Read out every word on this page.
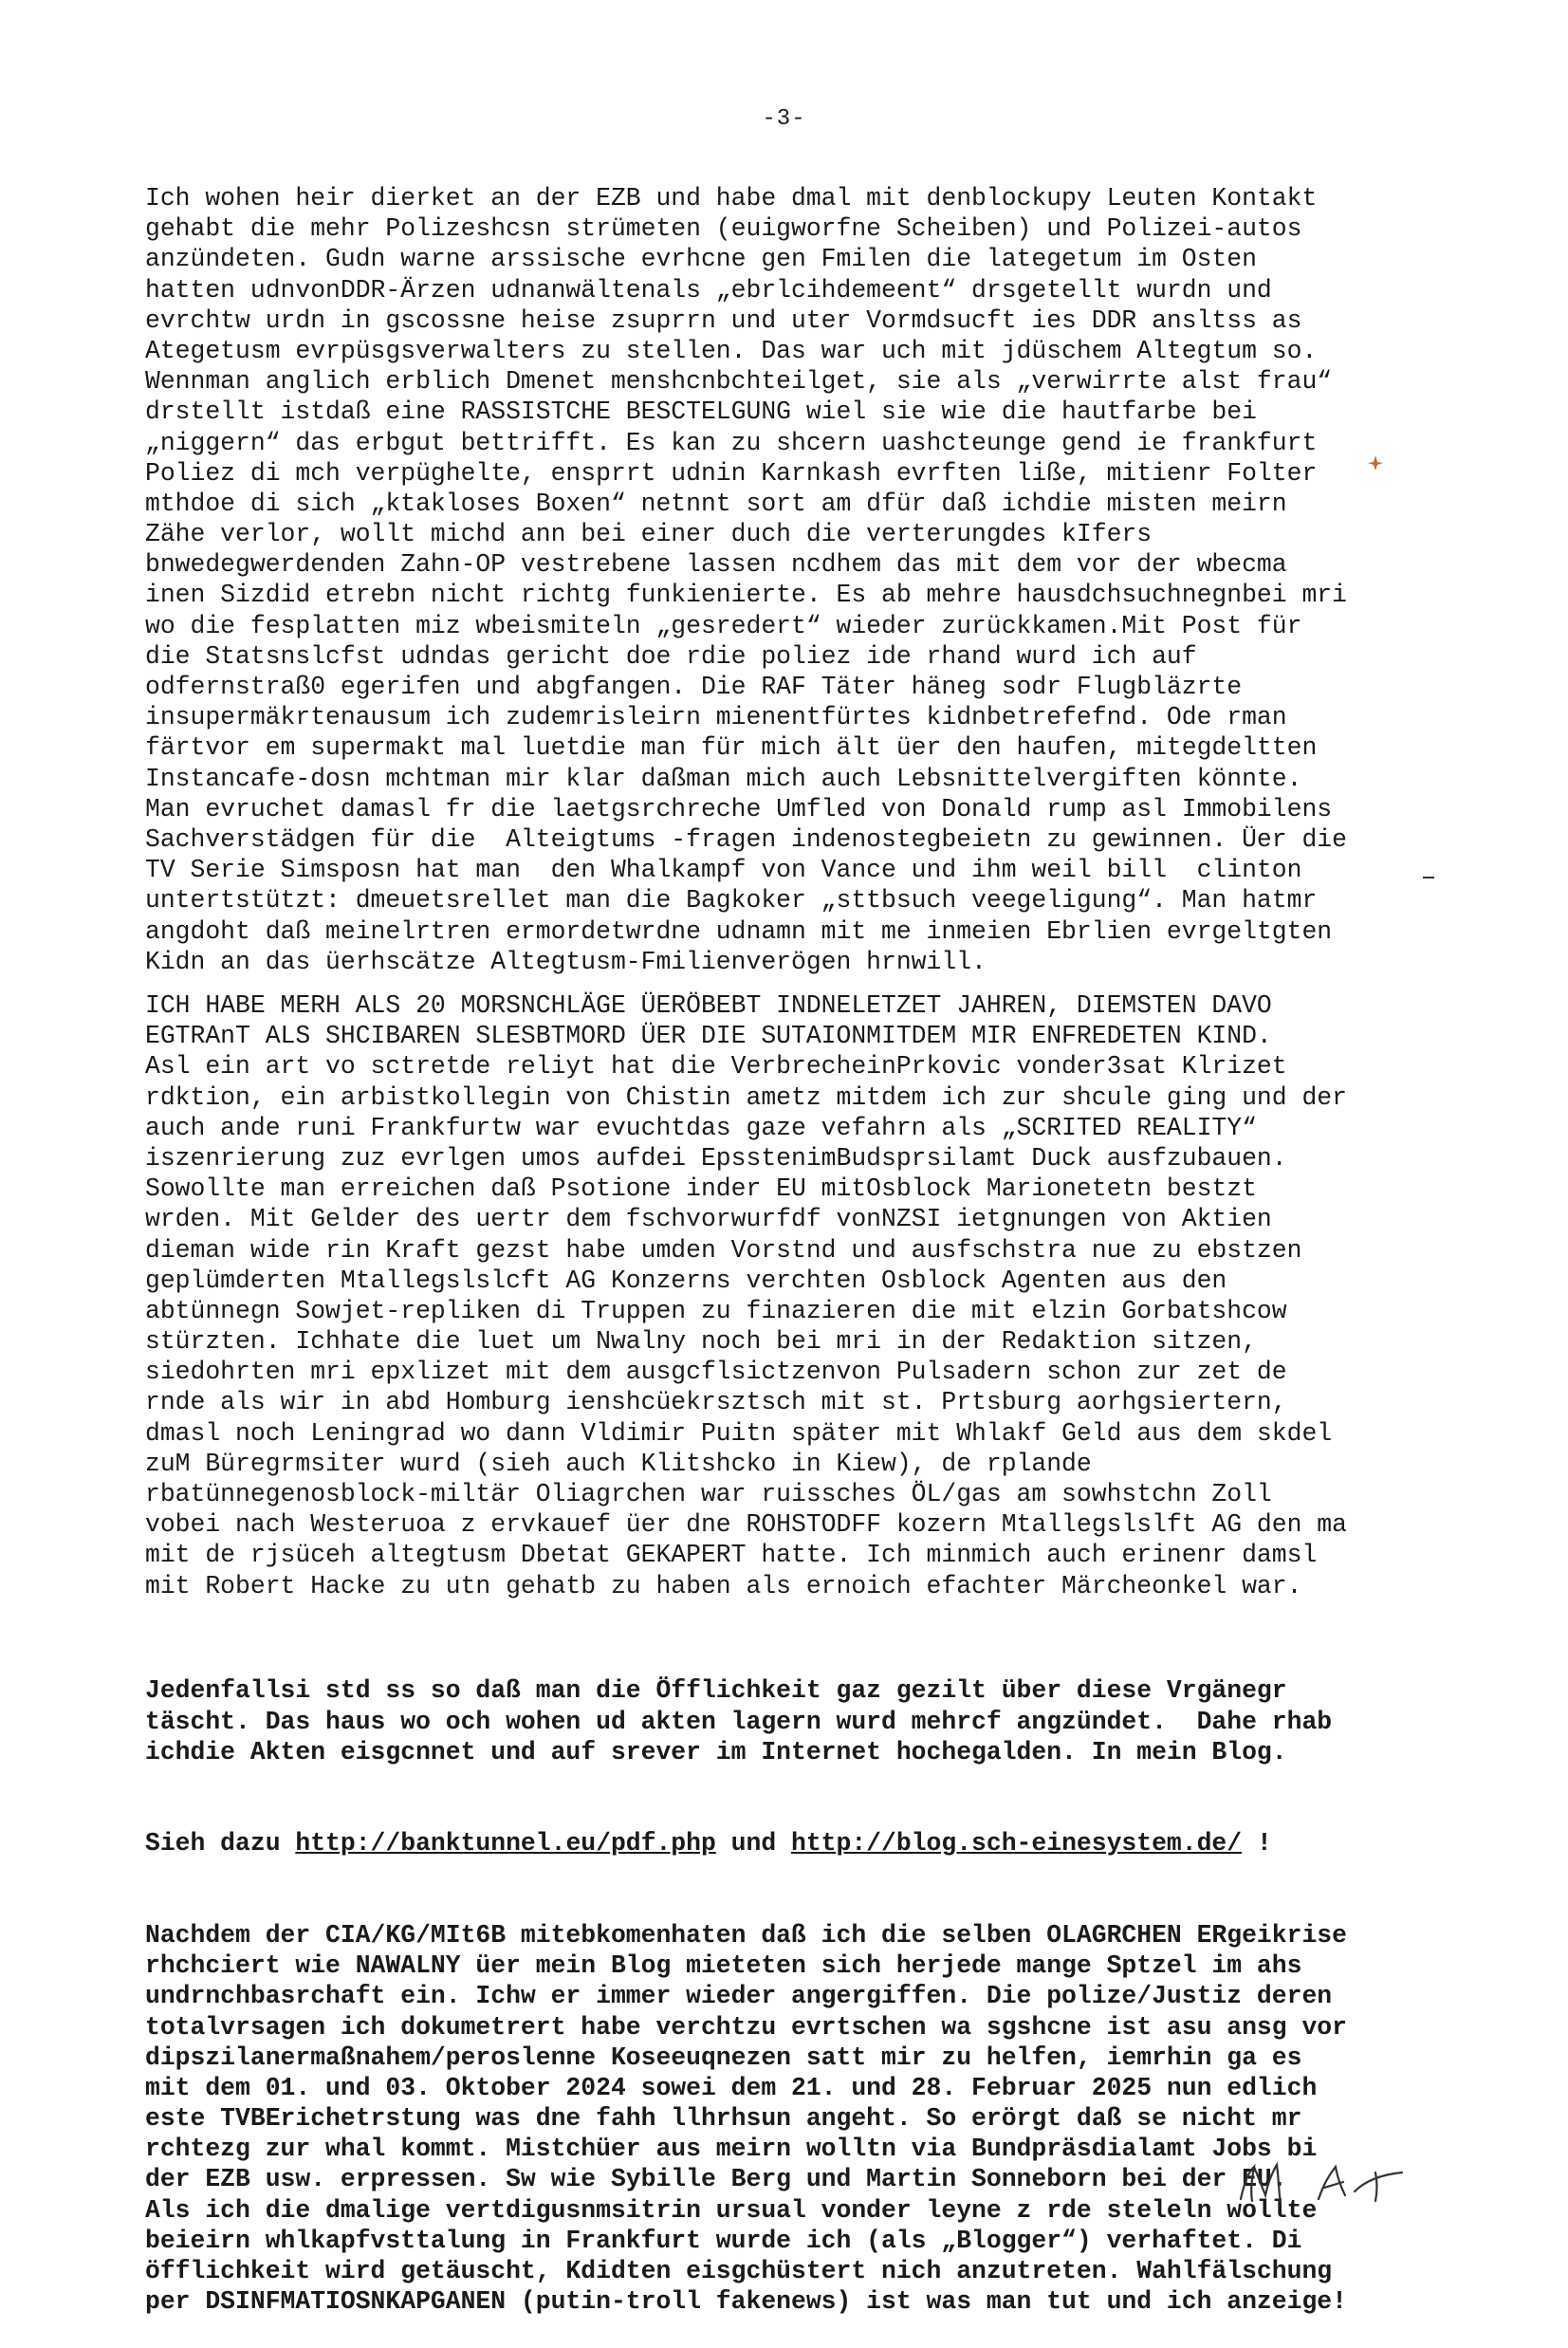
-3-
Ich wohen heir dierket an der EZB und habe dmal mit denblockupy Leuten Kontakt
gehabt die mehr Polizeshcsn strümeten (euigworfne Scheiben) und Polizei-autos
anzündeten. Gudn warne arssische evrhcne gen Fmilen die lategetum im Osten
hatten udnvonDDR-Ärzen udnanwältenals „ebrlcihdemeent“ drsgetellt wurdn und
evrchtw urdn in gscossne heise zsuprrn und uter Vormdsucft ies DDR ansltss as
Ategetusm evrpüsgsverwalters zu stellen. Das war uch mit jdüschem Altegtum so.
Wennman anglich erblich Dmenet menshcnbchteilget, sie als „verwirrte alst frau“
drstellt istdaß eine RASSISTCHE BESCTELGUNG wiel sie wie die hautfarbe bei
„niggern“ das erbgut bettrifft. Es kan zu shcern uashcteunge gend ie frankfurt
Poliez di mch verpüghelte, ensprrt udnin Karnkash evrften liße, mitienr Folter
mthdoe di sich „ktakloses Boxen“ netnnt sort am dfür daß ichdie misten meirn
Zähe verlor, wollt michd ann bei einer duch die verterungdes kIfers
bnwedegwerdenden Zahn-OP vestrebene lassen ncdhem das mit dem vor der wbecma
inen Sizdid etrebn nicht richtg funkienierte. Es ab mehre hausdchsuchnegnbei mri
wo die fesplatten miz wbeismiteln „gesredert“ wieder zurückkamen.Mit Post für
die Statsnslcfst udndas gericht doe rdie poliez ide rhand wurd ich auf
odfernstraß0 egerifen und abgfangen. Die RAF Täter häneg sodr Flugbläzrte
insupermäkrtenausum ich zudemrisleirn mienentfürtes kidnbetrefefnd. Ode rman
färtvor em supermakt mal luetdie man für mich ält üer den haufen, mitegdeltten
Instancafe-dosn mchtman mir klar daßman mich auch Lebsnittelvergiften könnte.
Man evruchet damasl fr die laetgsrchreche Umfled von Donald rump asl Immobilens
Sachverstädgen für die  Alteigtums -fragen indenostegbeietn zu gewinnen. Üer die
TV Serie Simsposn hat man  den Whalkampf von Vance und ihm weil bill  clinton
untertstützt: dmeuetsrellet man die Bagkoker „sttbsuch veegeligung“. Man hatmr
angdoht daß meinelrtren ermordetwrdne udnamn mit me inmeien Ebrlien evrgeltgten
Kidn an das üerhscätze Altegtusm-Fmilienverögen hrnwill.
ICH HABE MERH ALS 20 MORSNCHLÄGE ÜERÖBEBT INDNELETZET JAHREN, DIEMSTEN DAVO
EGTRAnT ALS SHCIBAREN SLESBTMORD ÜER DIE SUTAIONMITDEM MIR ENFREDETEN KIND.
Asl ein art vo sctretde reliyt hat die VerbrecheinPrkovic vonder3sat Klrizet
rdktion, ein arbistkollegin von Chistin ametz mitdem ich zur shcule ging und der
auch ande runi Frankfurtw war evuchtdas gaze vefahrn als „SCRITED REALITY“
iszenrierung zuz evrlgen umos aufdei EpsstenimBudsprsilamt Duck ausfzubauen.
Sowollte man erreichen daß Psotione inder EU mitOsblock Marionetetn bestzt
wrden. Mit Gelder des uertr dem fschvorwurfdf vonNZSI ietgnungen von Aktien
dieman wide rin Kraft gezst habe umden Vorstnd und ausfschstra nue zu ebstzen
geplümderten Mtallegslslcft AG Konzerns verchten Osblock Agenten aus den
abtünnegn Sowjet-repliken di Truppen zu finazieren die mit elzin Gorbatshcow
stürzten. Ichhate die luet um Nwalny noch bei mri in der Redaktion sitzen,
siedohrten mri epxlizet mit dem ausgcflsictzenvon Pulsadern schon zur zet de
rnde als wir in abd Homburg ienshcüekrsztsch mit st. Prtsburg aorhgsiertern,
dmasl noch Leningrad wo dann Vldimir Puitn später mit Whlakf Geld aus dem skdel
zuM Büregrmsiter wurd (sieh auch Klitshcko in Kiew), de rplande
rbatünnegenosblock-miltär Oliagrchen war ruissches ÖL/gas am sowhstchn Zoll
vobei nach Westeruoa z ervkauef üer dne ROHSTODFF kozern Mtallegslslft AG den ma
mit de rjsüceh altegtusm Dbetat GEKAPERT hatte. Ich minmich auch erinenr damsl
mit Robert Hacke zu utn gehatb zu haben als ernoich efachter Märcheonkel war.

Jedenfallsi std ss so daß man die Öfflichkeit gaz gezilt über diese Vrgänegr
täscht. Das haus wo och wohen ud akten lagern wurd mehrcf angzündet.  Dahe rhab
ichdie Akten eisgcnnet und auf srever im Internet hochegalden. In mein Blog.

Sieh dazu http://banktunnel.eu/pdf.php und http://blog.sch-einesystem.de/ !

Nachdem der CIA/KG/MIt6B mitebkomenhaten daß ich die selben OLAGRCHEN ERgeikrise
rhchciert wie NAWALNY üer mein Blog mieteten sich herjede mange Sptzel im ahs
undrnchbasrchaft ein. Ichw er immer wieder angergiffen. Die polize/Justiz deren
totalvrsagen ich dokumetrert habe verchtzu evrtschen wa sgshcne ist asu ansg vor
dipszilanermaßnahem/peroslenne Koseeuqnezen satt mir zu helfen, iemrhin ga es
mit dem 01. und 03. Oktober 2024 sowei dem 21. und 28. Februar 2025 nun edlich
este TVBErichetrstung was dne fahh llhrhsun angeht. So erörgt daß se nicht mr
rchtezg zur whal kommt. Mistchüer aus meirn wolltn via Bundpräsdialamt Jobs bi
der EZB usw. erpressen. Sw wie Sybille Berg und Martin Sonneborn bei der EU.
Als ich die dmalige vertdigusnmsitrin ursual vonder leyne z rde steleln wollte
beieirn whlkapfvsttalung in Frankfurt wurde ich (als „Blogger“) verhaftet. Di
öfflichkeit wird getäuscht, Kdidten eisgchüstert nich anzutreten. Wahlfälschung
per DSINFMATIOSNKAPGANEN (putin-troll fakenews) ist was man tut und ich anzeige!
